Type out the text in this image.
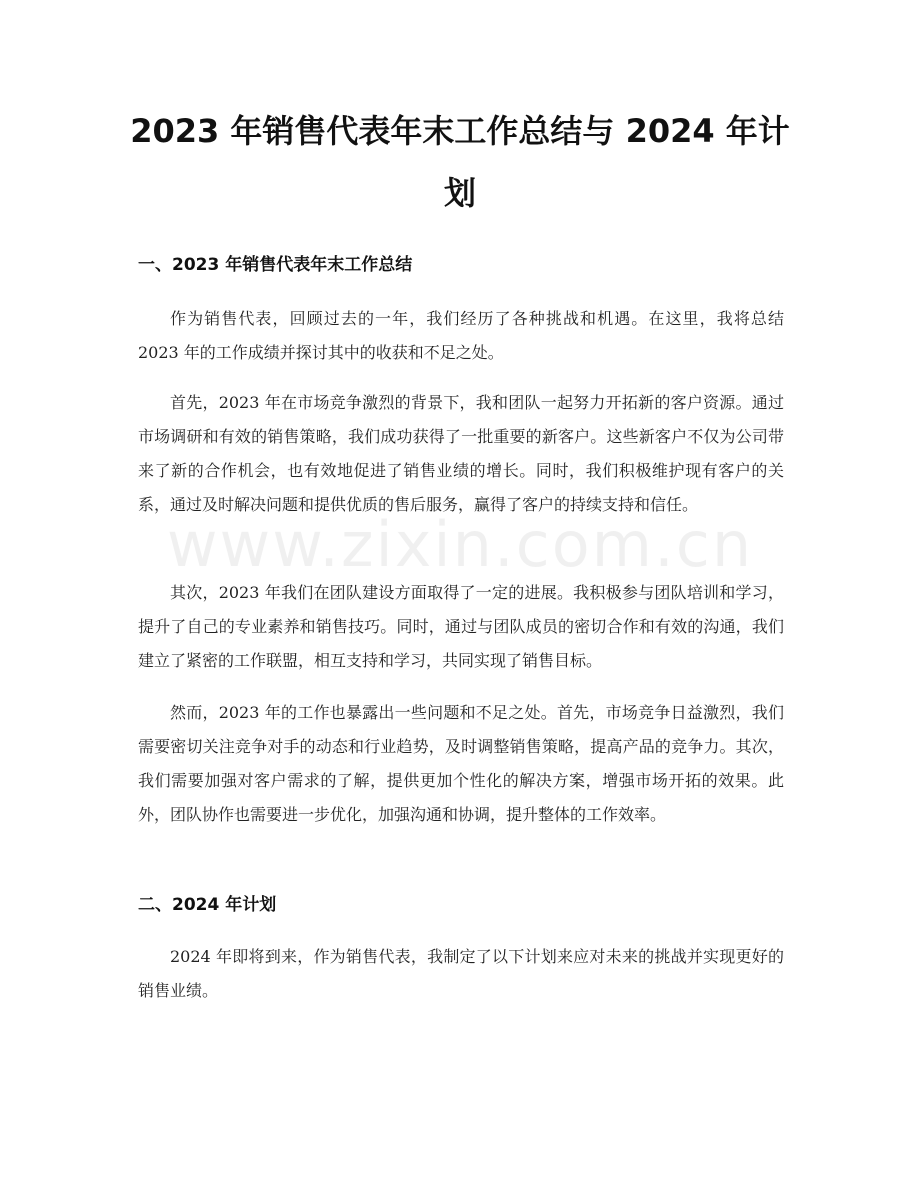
2023 年销售代表年末工作总结与 2024 年计划
一、2023 年销售代表年末工作总结

作为销售代表，回顾过去的一年，我们经历了各种挑战和机遇。在这里，我将总结 2023 年的工作成绩并探讨其中的收获和不足之处。

首先，2023 年在市场竞争激烈的背景下，我和团队一起努力开拓新的客户资源。通过市场调研和有效的销售策略，我们成功获得了一批重要的新客户。这些新客户不仅为公司带来了新的合作机会，也有效地促进了销售业绩的增长。同时，我们积极维护现有客户的关系，通过及时解决问题和提供优质的售后服务，赢得了客户的持续支持和信任。

其次，2023 年我们在团队建设方面取得了一定的进展。我积极参与团队培训和学习，提升了自己的专业素养和销售技巧。同时，通过与团队成员的密切合作和有效的沟通，我们建立了紧密的工作联盟，相互支持和学习，共同实现了销售目标。

然而，2023 年的工作也暴露出一些问题和不足之处。首先，市场竞争日益激烈，我们需要密切关注竞争对手的动态和行业趋势，及时调整销售策略，提高产品的竞争力。其次，我们需要加强对客户需求的了解，提供更加个性化的解决方案，增强市场开拓的效果。此外，团队协作也需要进一步优化，加强沟通和协调，提升整体的工作效率。

二、2024 年计划

2024 年即将到来，作为销售代表，我制定了以下计划来应对未来的挑战并实现更好的销售业绩。

www.zixin.com.cn
